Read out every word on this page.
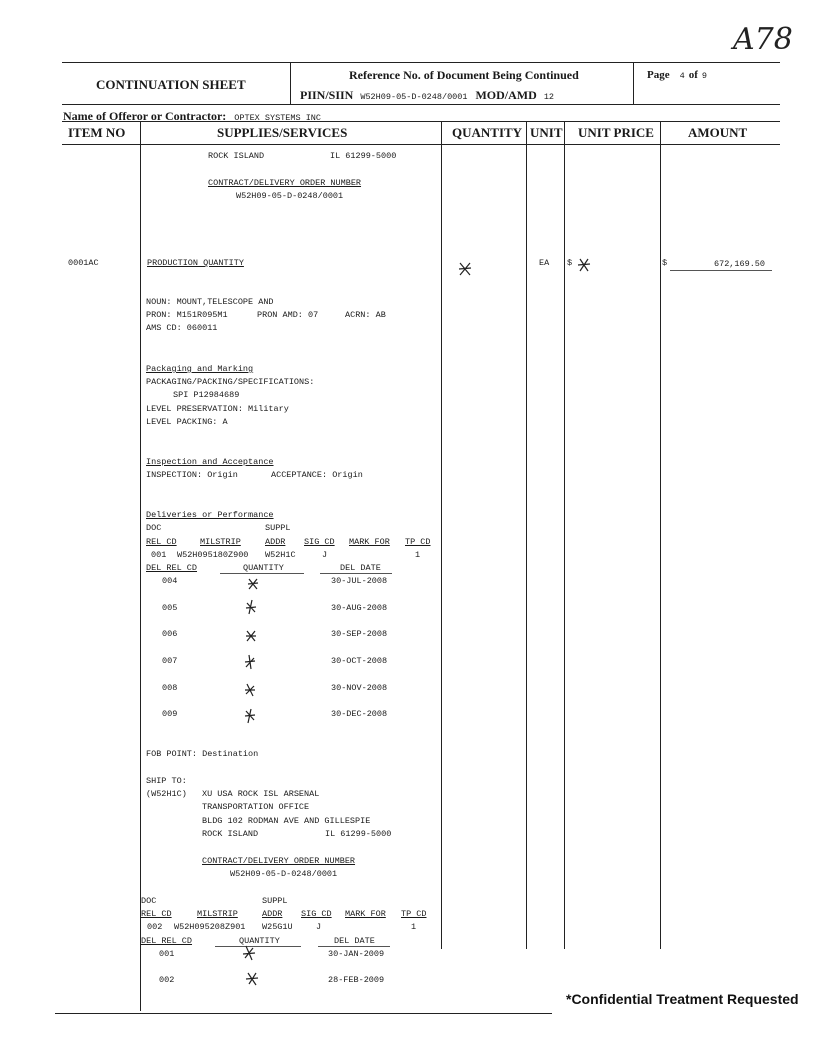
A78
CONTINUATION SHEET
Reference No. of Document Being Continued
PIIN/SIIN W52H09-05-D-0248/0001 MOD/AMD 12
Page 4 of 9
Name of Offeror or Contractor: OPTEX SYSTEMS INC
ITEM NO	SUPPLIES/SERVICES	QUANTITY UNIT UNIT PRICE	AMOUNT
ROCK ISLAND	IL 61299-5000
CONTRACT/DELIVERY ORDER NUMBER
W52H09-05-D-0248/0001
0001AC	PRODUCTION QUANTITY	EA $	$	672,169.50
NOUN: MOUNT,TELESCOPE AND
PRON: M151R095M1	PRON AMD: 07	ACRN: AB
AMS CD: 060011
Packaging and Marking
PACKAGING/PACKING/SPECIFICATIONS:
SPI P12984689
LEVEL PRESERVATION: Military
LEVEL PACKING: A
Inspection and Acceptance
INSPECTION: Origin	ACCEPTANCE: Origin
Deliveries or Performance
DOC	SUPPL
REL CD	MILSTRIP	ADDR SIG CD MARK FOR TP CD
001 W52H095180Z900 W52H1C	J	1
DEL REL CD	QUANTITY	DEL DATE
004	30-JUL-2008
005	30-AUG-2008
006	30-SEP-2008
007	30-OCT-2008
008	30-NOV-2008
009	30-DEC-2008
FOB POINT: Destination
SHIP TO:
(W52H1C) XU USA ROCK ISL ARSENAL
TRANSPORTATION OFFICE
BLDG 102 RODMAN AVE AND GILLESPIE
ROCK ISLAND	IL 61299-5000
CONTRACT/DELIVERY ORDER NUMBER
W52H09-05-D-0248/0001
DOC	SUPPL
REL CD	MILSTRIP	ADDR SIG CD MARK FOR TP CD
002 W52H095208Z901 W25G1U	J	1
DEL REL CD	QUANTITY	DEL DATE
001	30-JAN-2009
002	28-FEB-2009
*Confidential Treatment Requested
